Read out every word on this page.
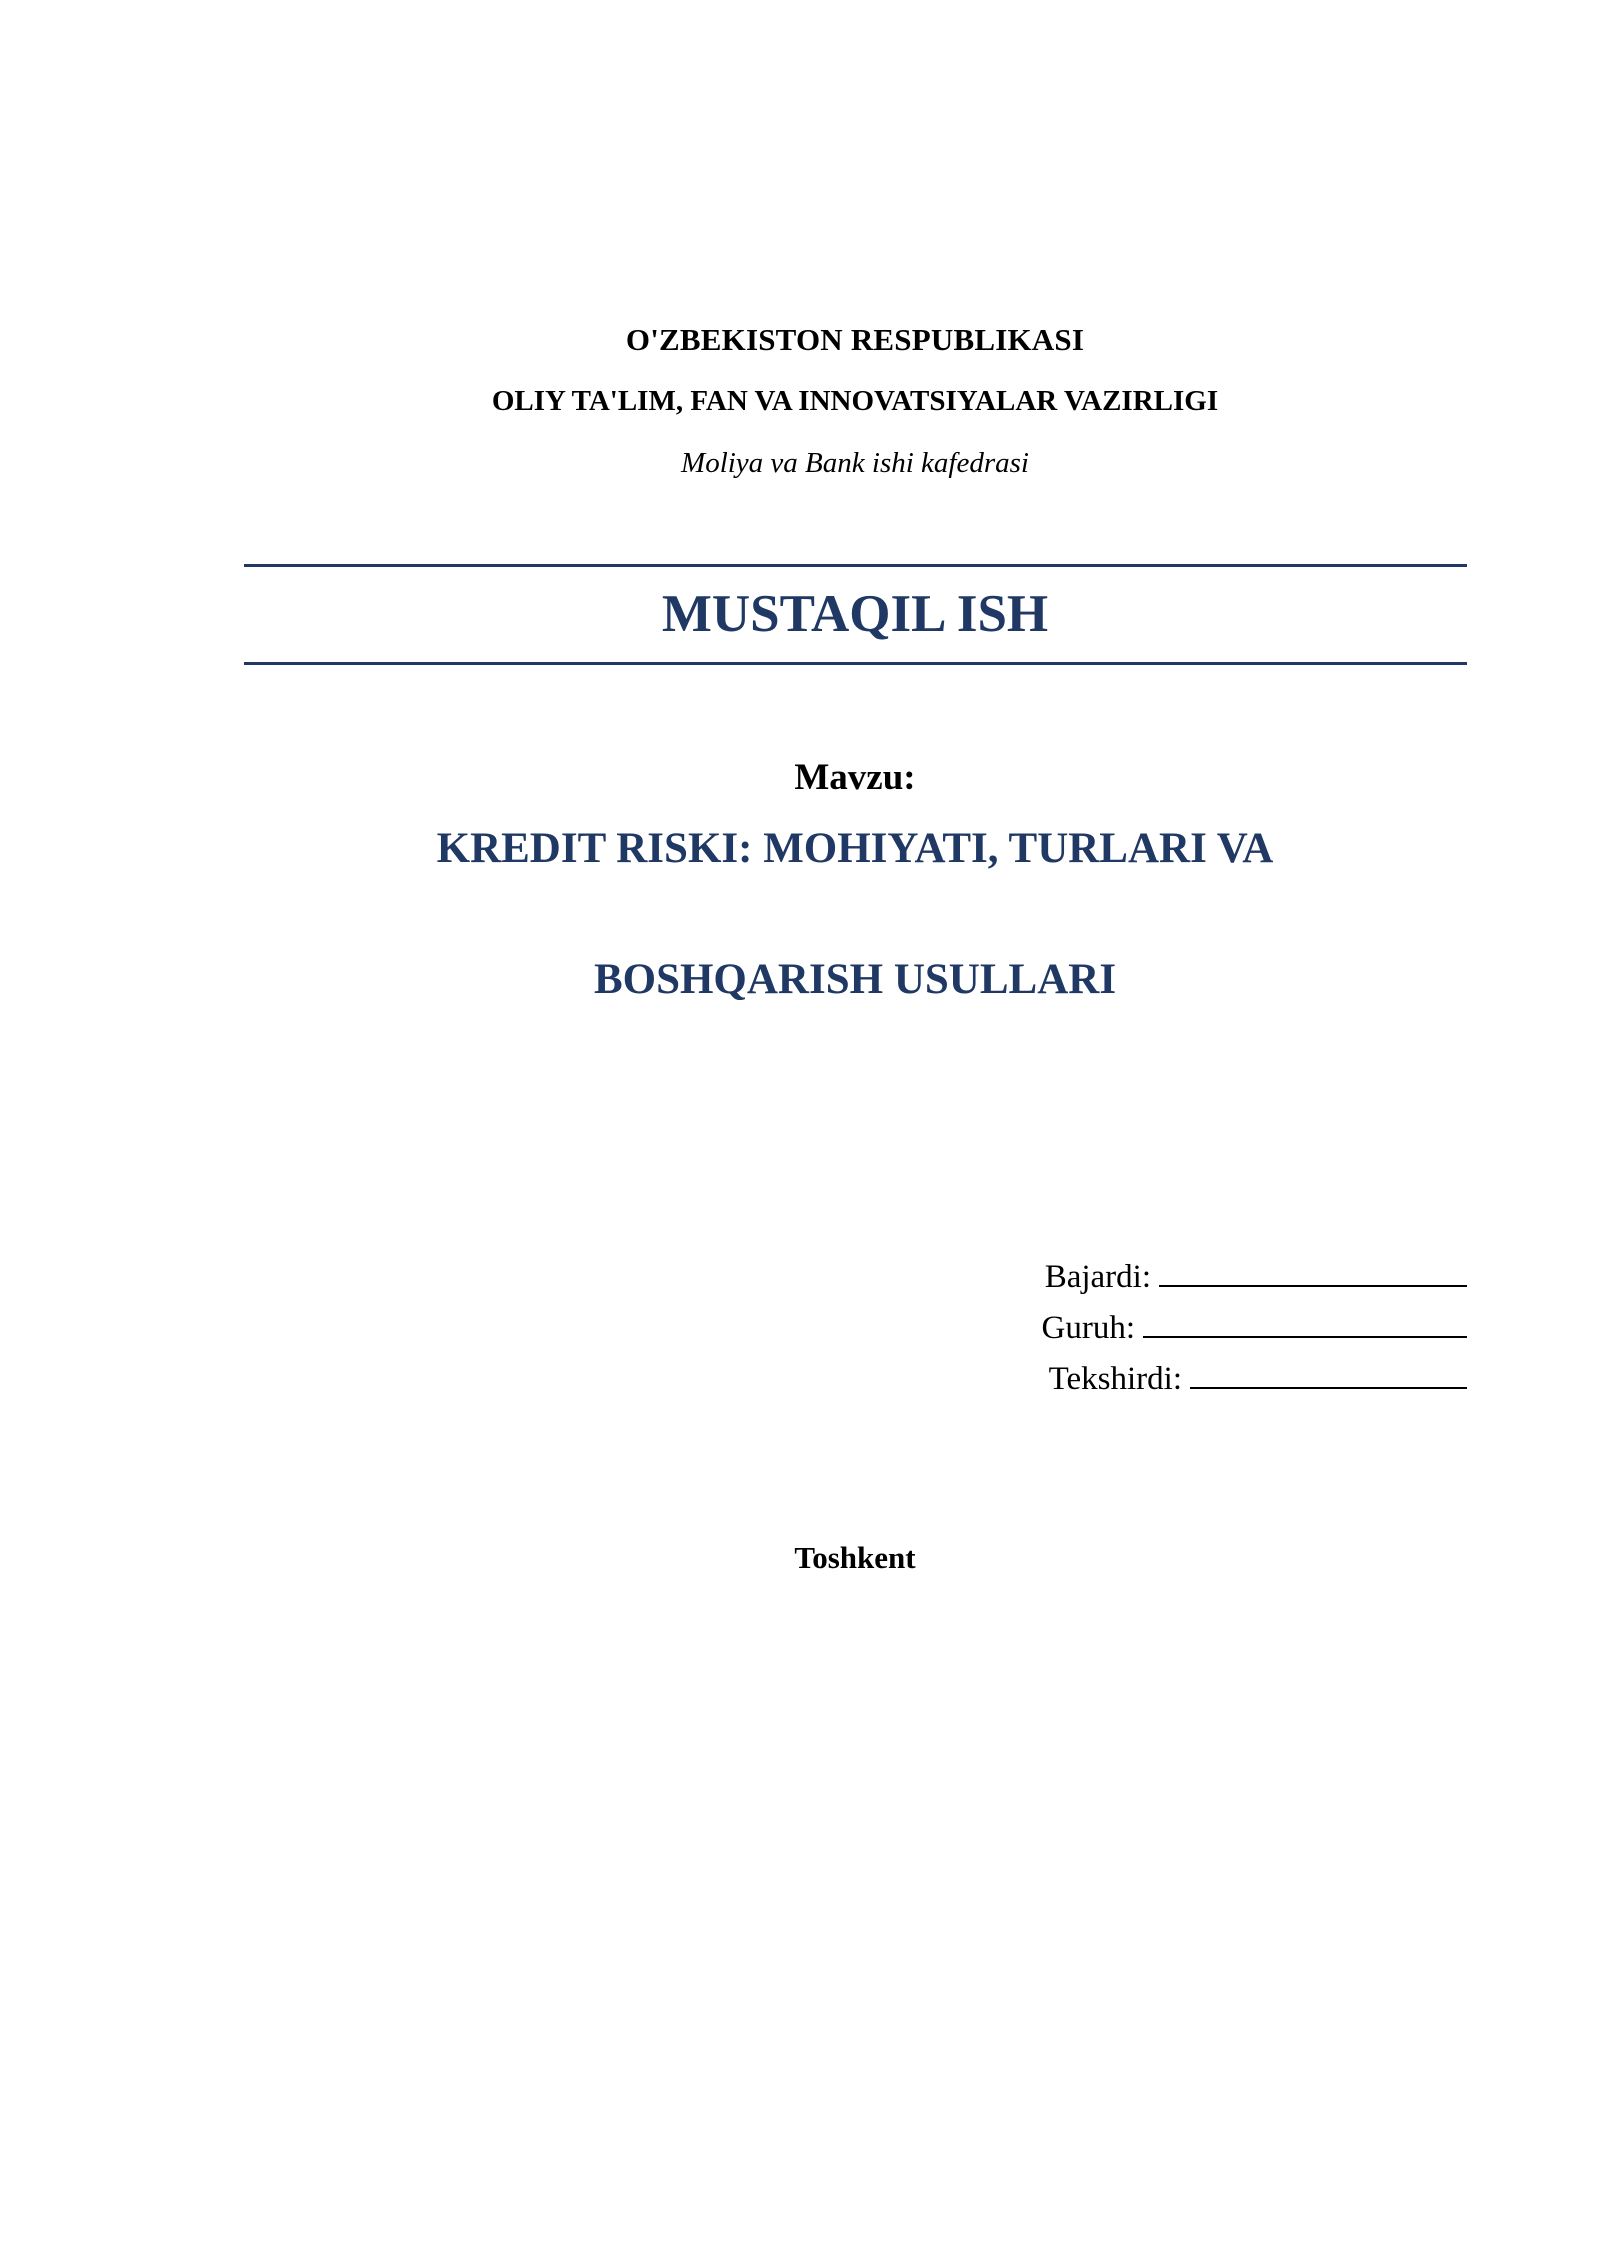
O'ZBEKISTON RESPUBLIKASI
OLIY TA'LIM, FAN VA INNOVATSIYALAR VAZIRLIGI
Moliya va Bank ishi kafedrasi
MUSTAQIL ISH
Mavzu:
KREDIT RISKI: MOHIYATI, TURLARI VA
BOSHQARISH USULLARI
Bajardi:
Guruh:
Tekshirdi:
Toshkent
